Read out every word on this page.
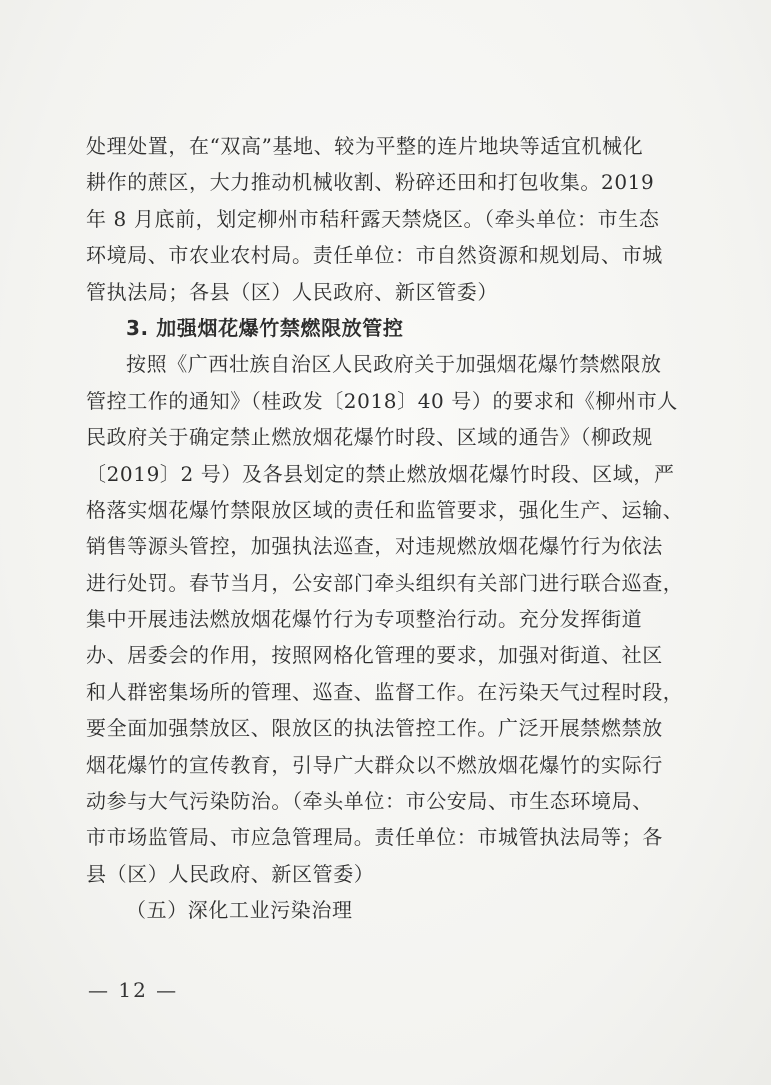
处理处置，在“双高”基地、较为平整的连片地块等适宜机械化
耕作的蔗区，大力推动机械收割、粉碎还田和打包收集。2019
年 8 月底前，划定柳州市秸秆露天禁烧区。（牵头单位：市生态
环境局、市农业农村局。责任单位：市自然资源和规划局、市城
管执法局；各县（区）人民政府、新区管委）
3. 加强烟花爆竹禁燃限放管控
按照《广西壮族自治区人民政府关于加强烟花爆竹禁燃限放
管控工作的通知》（桂政发〔2018〕40 号）的要求和《柳州市人
民政府关于确定禁止燃放烟花爆竹时段、区域的通告》（柳政规
〔2019〕2 号）及各县划定的禁止燃放烟花爆竹时段、区域，严
格落实烟花爆竹禁限放区域的责任和监管要求，强化生产、运输、
销售等源头管控，加强执法巡查，对违规燃放烟花爆竹行为依法
进行处罚。春节当月，公安部门牵头组织有关部门进行联合巡查，
集中开展违法燃放烟花爆竹行为专项整治行动。充分发挥街道
办、居委会的作用，按照网格化管理的要求，加强对街道、社区
和人群密集场所的管理、巡查、监督工作。在污染天气过程时段，
要全面加强禁放区、限放区的执法管控工作。广泛开展禁燃禁放
烟花爆竹的宣传教育，引导广大群众以不燃放烟花爆竹的实际行
动参与大气污染防治。（牵头单位：市公安局、市生态环境局、
市市场监管局、市应急管理局。责任单位：市城管执法局等；各
县（区）人民政府、新区管委）
（五）深化工业污染治理
— 12 —
